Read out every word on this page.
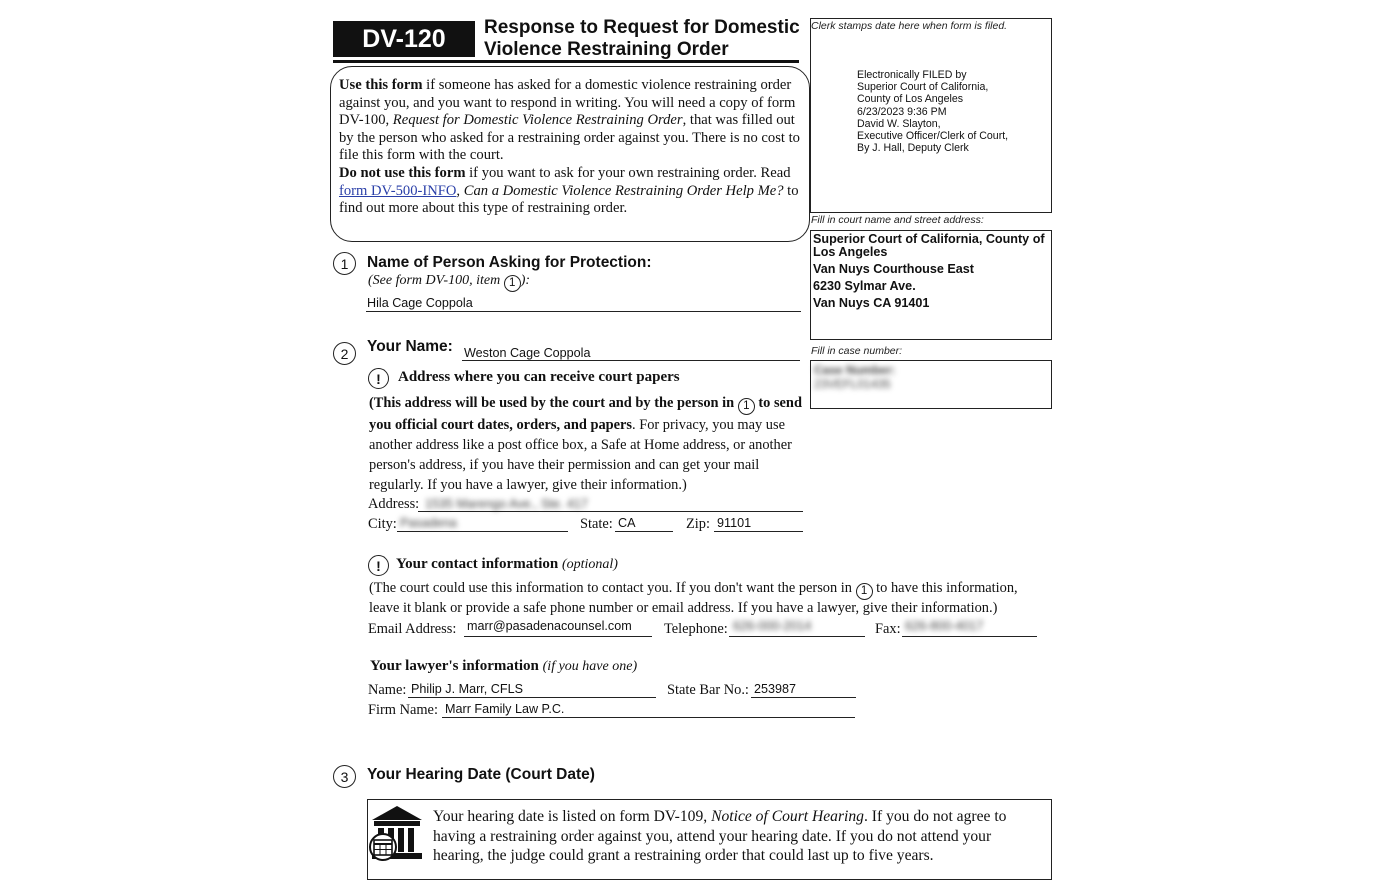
DV-120	Response to Request for Domestic
Violence Restraining Order

Use this form if someone has asked for a domestic violence restraining order against you, and you want to respond in writing. You will need a copy of form DV-100, Request for Domestic Violence Restraining Order, that was filled out by the person who asked for a restraining order against you. There is no cost to file this form with the court.

Do not use this form if you want to ask for your own restraining order. Read form DV-500-INFO, Can a Domestic Violence Restraining Order Help Me? to find out more about this type of restraining order.

Clerk stamps date here when form is filed.
Electronically FILED by
Superior Court of California,
County of Los Angeles
6/23/2023 9:36 PM
David W. Slayton,
Executive Officer/Clerk of Court,
By J. Hall, Deputy Clerk
Fill in court name and street address:
Superior Court of California, County of Los Angeles
Van Nuys Courthouse East
6230 Sylmar Ave.
Van Nuys CA 91401
Fill in case number:
Case Number:
23VEFL01435
1	Name of Person Asking for Protection:
(See form DV-100, item 1 ):
Hila Cage Coppola
2	Your Name: Weston Cage Coppola
!	Address where you can receive court papers
(This address will be used by the court and by the person in 1 to send you official court dates, orders, and papers. For privacy, you may use another address like a post office box, a Safe at Home address, or another person's address, if you have their permission and can get your mail regularly. If you have a lawyer, give their information.)
Address: 1535 Marengo Ave., Ste. 417
City: Pasadena	State: CA	Zip: 91101
!	Your contact information (optional)
(The court could use this information to contact you. If you don't want the person in 1 to have this information, leave it blank or provide a safe phone number or email address. If you have a lawyer, give their information.)
Email Address: marr@pasadenacounsel.com Telephone: 626-000-2014	Fax: 626-800-4017
Your lawyer's information (if you have one)
Name: Philip J. Marr, CFLS	State Bar No.: 253987
Firm Name: Marr Family Law P.C.
3	Your Hearing Date (Court Date)
Your hearing date is listed on form DV-109, Notice of Court Hearing. If you do not agree to having a restraining order against you, attend your hearing date. If you do not attend your hearing, the judge could grant a restraining order that could last up to five years.
